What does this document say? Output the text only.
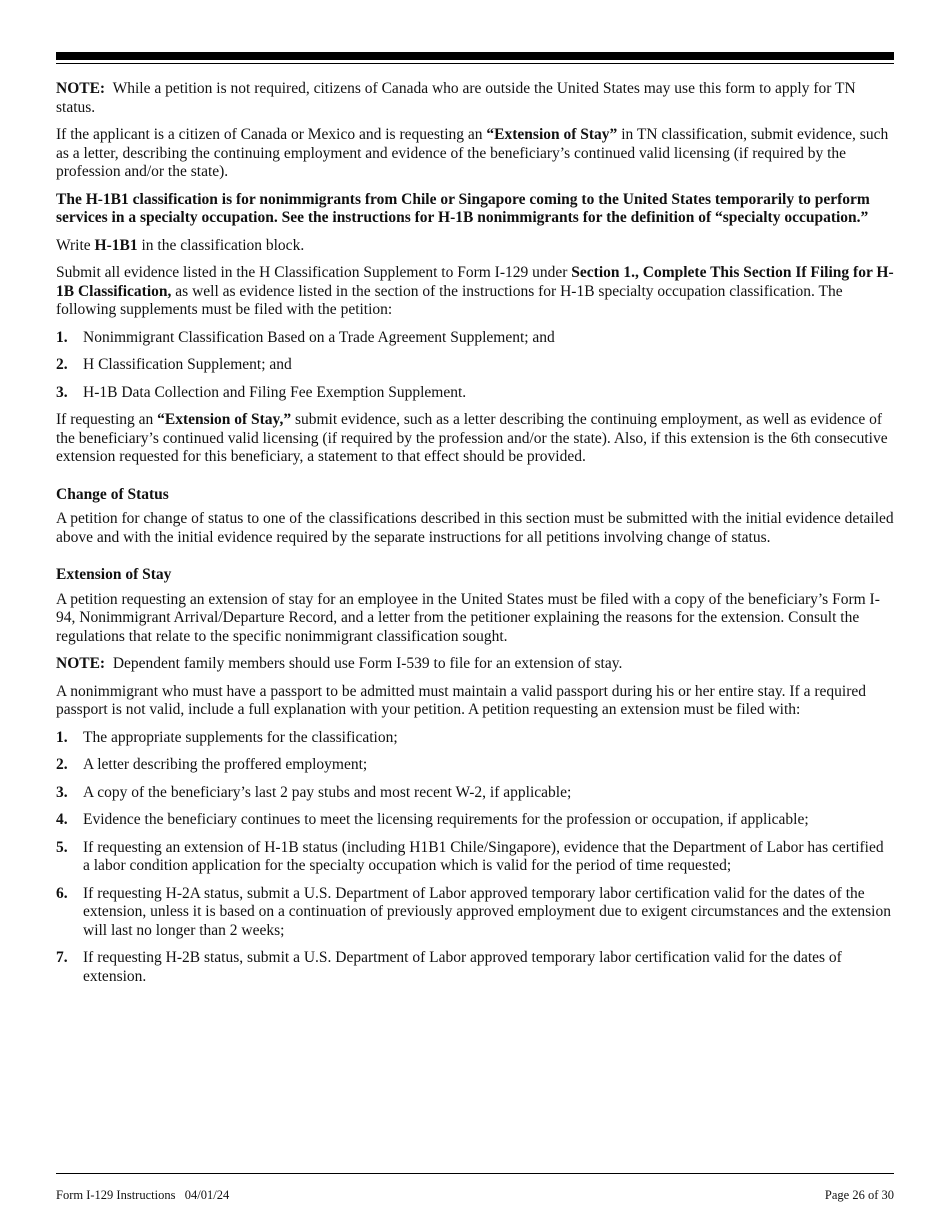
NOTE: While a petition is not required, citizens of Canada who are outside the United States may use this form to apply for TN status.

If the applicant is a citizen of Canada or Mexico and is requesting an “Extension of Stay” in TN classification, submit evidence, such as a letter, describing the continuing employment and evidence of the beneficiary’s continued valid licensing (if required by the profession and/or the state).

The H-1B1 classification is for nonimmigrants from Chile or Singapore coming to the United States temporarily to perform services in a specialty occupation. See the instructions for H-1B nonimmigrants for the definition of “specialty occupation.”

Write H-1B1 in the classification block.

Submit all evidence listed in the H Classification Supplement to Form I-129 under Section 1., Complete This Section If Filing for H-1B Classification, as well as evidence listed in the section of the instructions for H-1B specialty occupation classification. The following supplements must be filed with the petition:

1. Nonimmigrant Classification Based on a Trade Agreement Supplement; and
2. H Classification Supplement; and
3. H-1B Data Collection and Filing Fee Exemption Supplement.

If requesting an “Extension of Stay,” submit evidence, such as a letter describing the continuing employment, as well as evidence of the beneficiary’s continued valid licensing (if required by the profession and/or the state). Also, if this extension is the 6th consecutive extension requested for this beneficiary, a statement to that effect should be provided.

Change of Status

A petition for change of status to one of the classifications described in this section must be submitted with the initial evidence detailed above and with the initial evidence required by the separate instructions for all petitions involving change of status.

Extension of Stay

A petition requesting an extension of stay for an employee in the United States must be filed with a copy of the beneficiary’s Form I-94, Nonimmigrant Arrival/Departure Record, and a letter from the petitioner explaining the reasons for the extension. Consult the regulations that relate to the specific nonimmigrant classification sought.

NOTE: Dependent family members should use Form I-539 to file for an extension of stay.

A nonimmigrant who must have a passport to be admitted must maintain a valid passport during his or her entire stay. If a required passport is not valid, include a full explanation with your petition. A petition requesting an extension must be filed with:

1. The appropriate supplements for the classification;
2. A letter describing the proffered employment;
3. A copy of the beneficiary’s last 2 pay stubs and most recent W-2, if applicable;
4. Evidence the beneficiary continues to meet the licensing requirements for the profession or occupation, if applicable;
5. If requesting an extension of H-1B status (including H1B1 Chile/Singapore), evidence that the Department of Labor has certified a labor condition application for the specialty occupation which is valid for the period of time requested;
6. If requesting H-2A status, submit a U.S. Department of Labor approved temporary labor certification valid for the dates of the extension, unless it is based on a continuation of previously approved employment due to exigent circumstances and the extension will last no longer than 2 weeks;
7. If requesting H-2B status, submit a U.S. Department of Labor approved temporary labor certification valid for the dates of extension.
Form I-129 Instructions   04/01/24	Page 26 of 30
